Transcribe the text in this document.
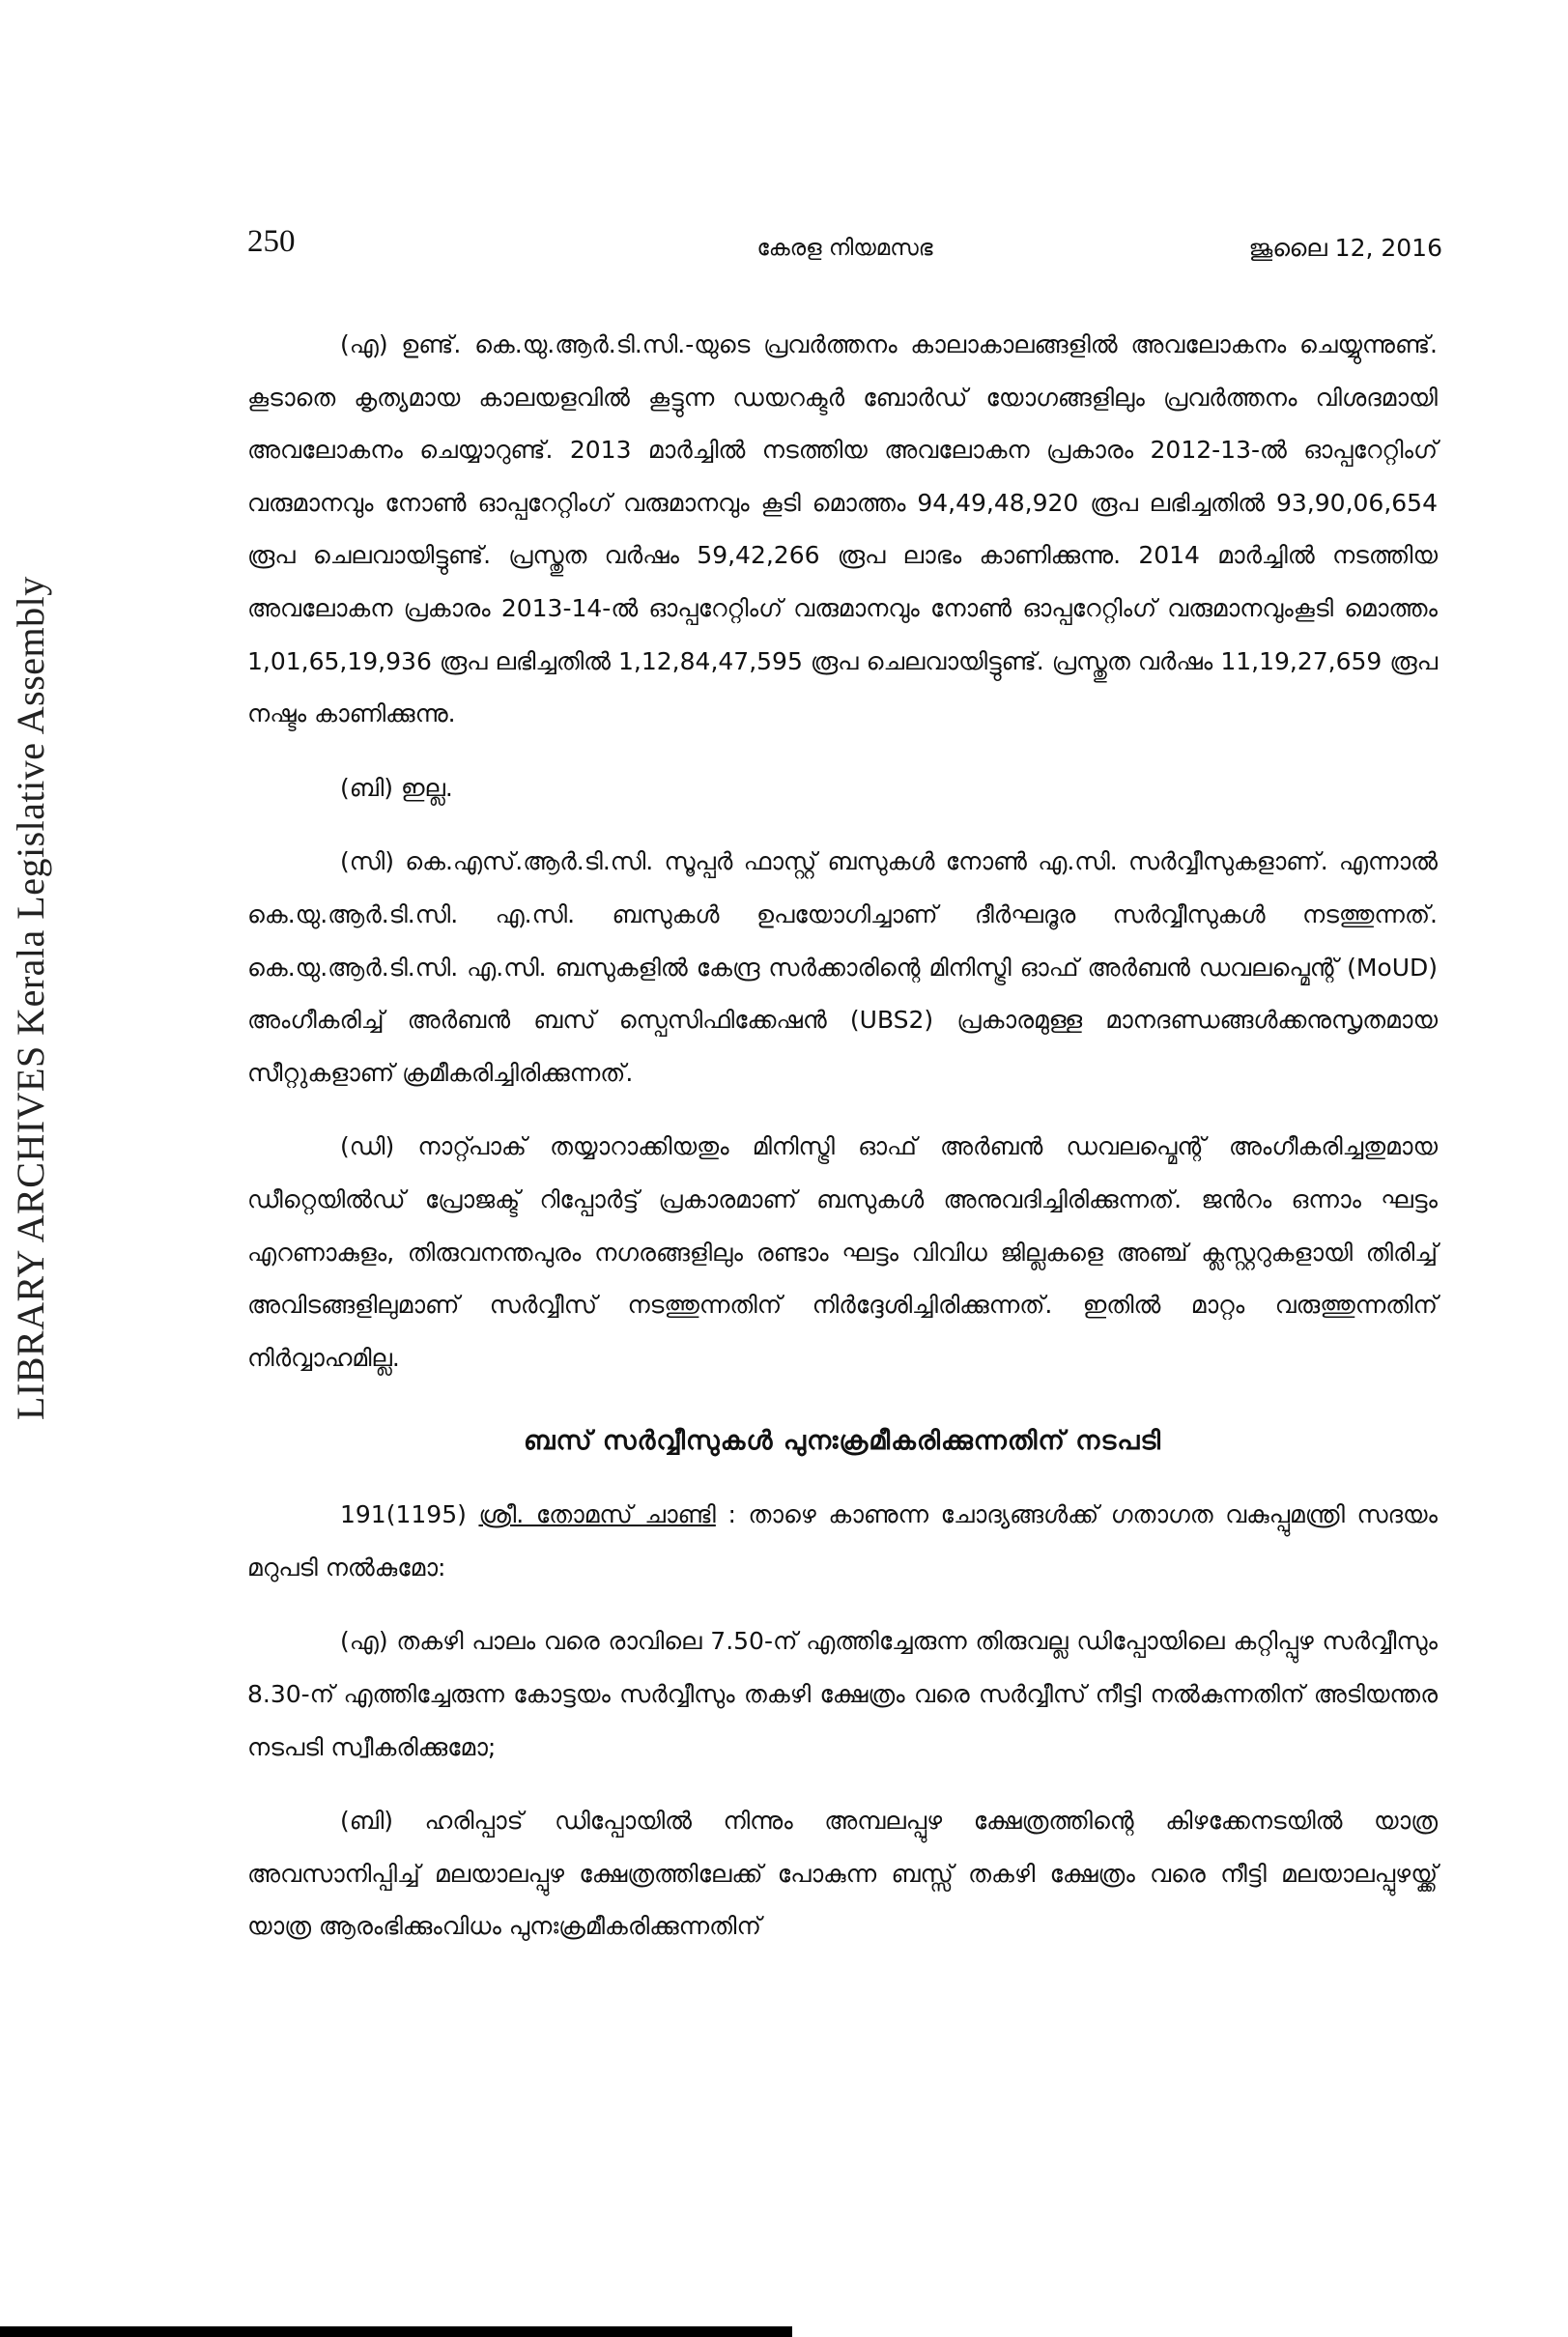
250	കേരള നിയമസഭ	ജൂലൈ 12, 2016
LIBRARY ARCHIVES Kerala Legislative Assembly

(എ) ഉണ്ട്. കെ.യു.ആർ.ടി.സി.-യുടെ പ്രവർത്തനം കാലാകാലങ്ങളിൽ അവലോകനം ചെയ്യുന്നുണ്ട്. കൂടാതെ കൃത്യമായ കാലയളവിൽ കൂട്ടുന്ന ഡയറക്ടർ ബോർഡ് യോഗങ്ങളിലും പ്രവർത്തനം വിശദമായി അവലോകനം ചെയ്യാറുണ്ട്. 2013 മാർച്ചിൽ നടത്തിയ അവലോകന പ്രകാരം 2012-13-ൽ ഓപ്പറേറ്റിംഗ് വരുമാനവും നോൺ ഓപ്പറേറ്റിംഗ് വരുമാനവും കൂടി മൊത്തം 94,49,48,920 രൂപ ലഭിച്ചതിൽ 93,90,06,654 രൂപ ചെലവായിട്ടുണ്ട്. പ്രസ്തുത വർഷം 59,42,266 രൂപ ലാഭം കാണിക്കുന്നു. 2014 മാർച്ചിൽ നടത്തിയ അവലോകന പ്രകാരം 2013-14-ൽ ഓപ്പറേറ്റിംഗ് വരുമാനവും നോൺ ഓപ്പറേറ്റിംഗ് വരുമാനവുംകൂടി മൊത്തം 1,01,65,19,936 രൂപ ലഭിച്ചതിൽ 1,12,84,47,595 രൂപ ചെലവായിട്ടുണ്ട്. പ്രസ്തുത വർഷം 11,19,27,659 രൂപ നഷ്ടം കാണിക്കുന്നു.

(ബി) ഇല്ല.

(സി) കെ.എസ്.ആർ.ടി.സി. സൂപ്പർ ഫാസ്റ്റ് ബസുകൾ നോൺ എ.സി. സർവ്വീസുകളാണ്. എന്നാൽ കെ.യു.ആർ.ടി.സി. എ.സി. ബസുകൾ ഉപയോഗിച്ചാണ് ദീർഘദൂര സർവ്വീസുകൾ നടത്തുന്നത്. കെ.യു.ആർ.ടി.സി. എ.സി. ബസുകളിൽ കേന്ദ്ര സർക്കാരിന്റെ മിനിസ്ട്രി ഓഫ് അർബൻ ഡവലപ്മെന്റ് (MoUD) അംഗീകരിച്ച് അർബൻ ബസ് സ്പെസിഫിക്കേഷൻ (UBS2) പ്രകാരമുള്ള മാനദണ്ഡങ്ങൾക്കനുസൃതമായ സീറ്റുകളാണ് ക്രമീകരിച്ചിരിക്കുന്നത്.

(ഡി) നാറ്റ്പാക് തയ്യാറാക്കിയതും മിനിസ്ട്രി ഓഫ് അർബൻ ഡവലപ്മെന്റ് അംഗീകരിച്ചതുമായ ഡീറ്റെയിൽഡ് പ്രോജക്ട് റിപ്പോർട്ട് പ്രകാരമാണ് ബസുകൾ അനുവദിച്ചിരിക്കുന്നത്. ജൻറം ഒന്നാം ഘട്ടം എറണാകുളം, തിരുവനന്തപുരം നഗരങ്ങളിലും രണ്ടാം ഘട്ടം വിവിധ ജില്ലകളെ അഞ്ച് ക്ലസ്റ്ററുകളായി തിരിച്ച് അവിടങ്ങളിലുമാണ് സർവ്വീസ് നടത്തുന്നതിന് നിർദ്ദേശിച്ചിരിക്കുന്നത്. ഇതിൽ മാറ്റം വരുത്തുന്നതിന് നിർവ്വാഹമില്ല.

ബസ് സർവ്വീസുകൾ പുനഃക്രമീകരിക്കുന്നതിന് നടപടി

191(1195) ശ്രീ. തോമസ് ചാണ്ടി : താഴെ കാണുന്ന ചോദ്യങ്ങൾക്ക് ഗതാഗത വകുപ്പുമന്ത്രി സദയം മറുപടി നൽകുമോ:

(എ) തകഴി പാലം വരെ രാവിലെ 7.50-ന് എത്തിച്ചേരുന്ന തിരുവല്ല ഡിപ്പോയിലെ കറ്റിപ്പുഴ സർവ്വീസും 8.30-ന് എത്തിച്ചേരുന്ന കോട്ടയം സർവ്വീസും തകഴി ക്ഷേത്രം വരെ സർവ്വീസ് നീട്ടി നൽകുന്നതിന് അടിയന്തര നടപടി സ്വീകരിക്കുമോ;

(ബി) ഹരിപ്പാട് ഡിപ്പോയിൽ നിന്നും അമ്പലപ്പുഴ ക്ഷേത്രത്തിന്റെ കിഴക്കേനടയിൽ യാത്ര അവസാനിപ്പിച്ച് മലയാലപ്പുഴ ക്ഷേത്രത്തിലേക്ക് പോകുന്ന ബസ്സ് തകഴി ക്ഷേത്രം വരെ നീട്ടി മലയാലപ്പുഴയ്ക്ക് യാത്ര ആരംഭിക്കുംവിധം പുനഃക്രമീകരിക്കുന്നതിന്
